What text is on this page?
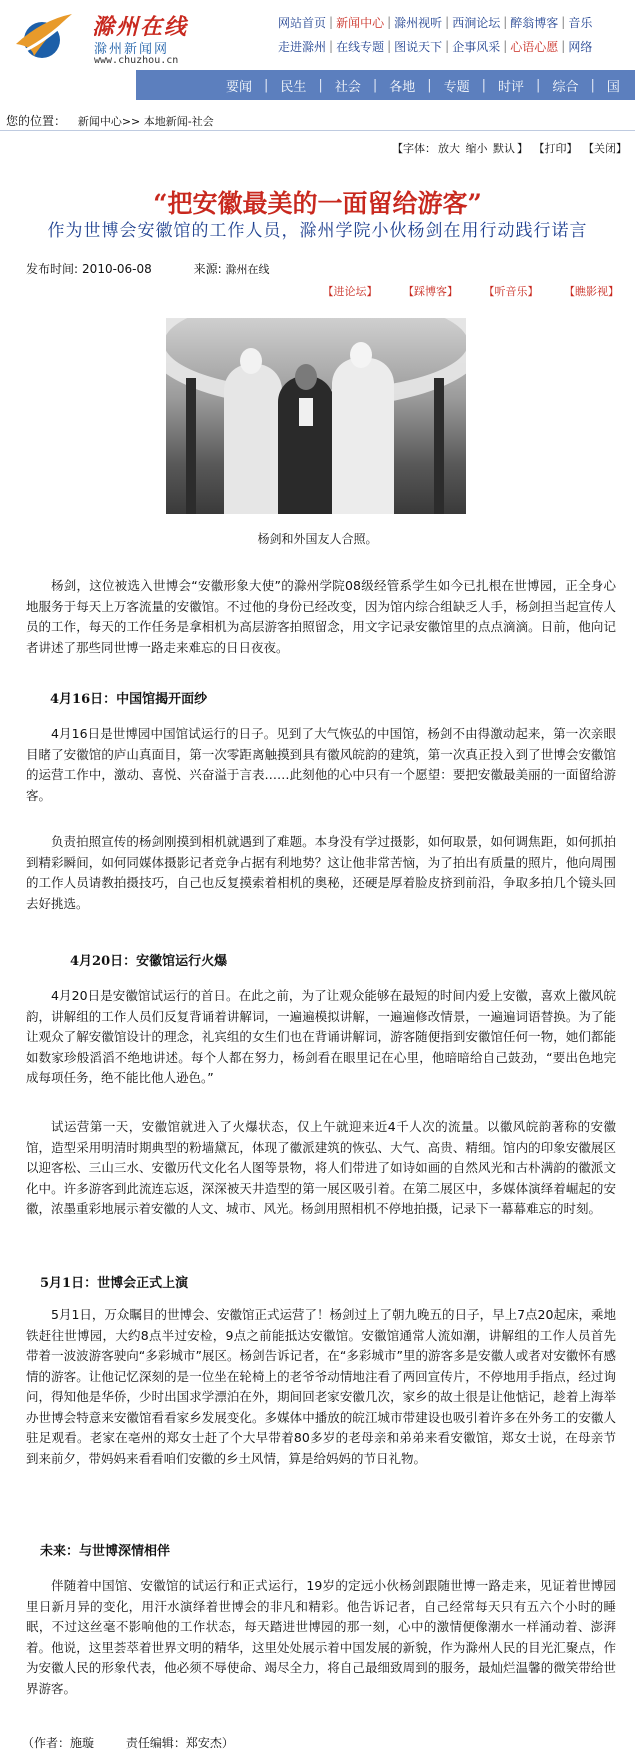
滁州在线
滁州新闻网
www.chuzhou.cn
网站首页 | 新闻中心 | 滁州视听 | 西涧论坛 | 醉翁博客 | 音乐
走进滁州 | 在线专题 | 图说天下 | 企事风采 | 心语心愿 | 网络
要闻 | 民生 | 社会 | 各地 | 专题 | 时评 | 综合 | 国
您的位置： 新闻中心>> 本地新闻-社会
【字体： 放大 缩小 默认 】 【打印】 【关闭】
“把安徽最美的一面留给游客”
作为世博会安徽馆的工作人员，滁州学院小伙杨剑在用行动践行诺言
发布时间: 2010-06-08	来源: 滁州在线
【进论坛】 【踩博客】 【听音乐】 【瞧影视】
杨剑和外国友人合照。
杨剑，这位被选入世博会“安徽形象大使”的滁州学院08级经管系学生如今已扎根在世博园，正全身心地服务于每天上万客流量的安徽馆。不过他的身份已经改变，因为馆内综合组缺乏人手，杨剑担当起宣传人员的工作，每天的工作任务是拿相机为高层游客拍照留念，用文字记录安徽馆里的点点滴滴。日前，他向记者讲述了那些同世博一路走来难忘的日日夜夜。
4月16日：中国馆揭开面纱
4月16日是世博园中国馆试运行的日子。见到了大气恢弘的中国馆，杨剑不由得激动起来，第一次亲眼目睹了安徽馆的庐山真面目，第一次零距离触摸到具有徽风皖韵的建筑，第一次真正投入到了世博会安徽馆的运营工作中，激动、喜悦、兴奋溢于言表……此刻他的心中只有一个愿望：要把安徽最美丽的一面留给游客。
负责拍照宣传的杨剑刚摸到相机就遇到了难题。本身没有学过摄影，如何取景，如何调焦距，如何抓拍到精彩瞬间，如何同媒体摄影记者竞争占据有利地势？这让他非常苦恼，为了拍出有质量的照片，他向周围的工作人员请教拍摄技巧，自己也反复摸索着相机的奥秘，还硬是厚着脸皮挤到前沿，争取多拍几个镜头回去好挑选。
4月20日：安徽馆运行火爆
4月20日是安徽馆试运行的首日。在此之前，为了让观众能够在最短的时间内爱上安徽，喜欢上徽风皖韵，讲解组的工作人员们反复背诵着讲解词，一遍遍模拟讲解，一遍遍修改情景，一遍遍词语替换。为了能让观众了解安徽馆设计的理念，礼宾组的女生们也在背诵讲解词，游客随便指到安徽馆任何一物，她们都能如数家珍般滔滔不绝地讲述。每个人都在努力，杨剑看在眼里记在心里，他暗暗给自己鼓劲，“要出色地完成每项任务，绝不能比他人逊色。”
试运营第一天，安徽馆就进入了火爆状态，仅上午就迎来近4千人次的流量。以徽风皖韵著称的安徽馆，造型采用明清时期典型的粉墙黛瓦，体现了徽派建筑的恢弘、大气、高贵、精细。馆内的印象安徽展区以迎客松、三山三水、安徽历代文化名人图等景物，将人们带进了如诗如画的自然风光和古朴满韵的徽派文化中。许多游客到此流连忘返，深深被天井造型的第一展区吸引着。在第二展区中，多媒体演绎着崛起的安徽，浓墨重彩地展示着安徽的人文、城市、风光。杨剑用照相机不停地拍摄，记录下一幕幕难忘的时刻。
5月1日：世博会正式上演
5月1日，万众瞩目的世博会、安徽馆正式运营了！杨剑过上了朝九晚五的日子，早上7点20起床，乘地铁赶往世博园，大约8点半过安检，9点之前能抵达安徽馆。安徽馆通常人流如潮，讲解组的工作人员首先带着一波波游客驶向“多彩城市”展区。杨剑告诉记者，在“多彩城市”里的游客多是安徽人或者对安徽怀有感情的游客。让他记忆深刻的是一位坐在轮椅上的老爷爷动情地注看了两回宣传片，不停地用手指点，经过询问，得知他是华侨，少时出国求学漂泊在外，期间回老家安徽几次，家乡的故土很是让他惦记，趁着上海举办世博会特意来安徽馆看看家乡发展变化。多媒体中播放的皖江城市带建设也吸引着许多在外务工的安徽人驻足观看。老家在亳州的郑女士赶了个大早带着80多岁的老母亲和弟弟来看安徽馆，郑女士说，在母亲节到来前夕，带妈妈来看看咱们安徽的乡土风情，算是给妈妈的节日礼物。
未来：与世博深情相伴
伴随着中国馆、安徽馆的试运行和正式运行，19岁的定远小伙杨剑跟随世博一路走来，见证着世博园里日新月异的变化，用汗水演绎着世博会的非凡和精彩。他告诉记者，自己经常每天只有五六个小时的睡眠，不过这丝毫不影响他的工作状态，每天踏进世博园的那一刻，心中的激情便像潮水一样涌动着、澎湃着。他说，这里荟萃着世界文明的精华，这里处处展示着中国发展的新貌，作为滁州人民的目光汇聚点，作为安徽人民的形象代表，他必须不辱使命、竭尽全力，将自己最细致周到的服务，最灿烂温馨的微笑带给世界游客。
（作者：施璇	责任编辑：郑安杰）
